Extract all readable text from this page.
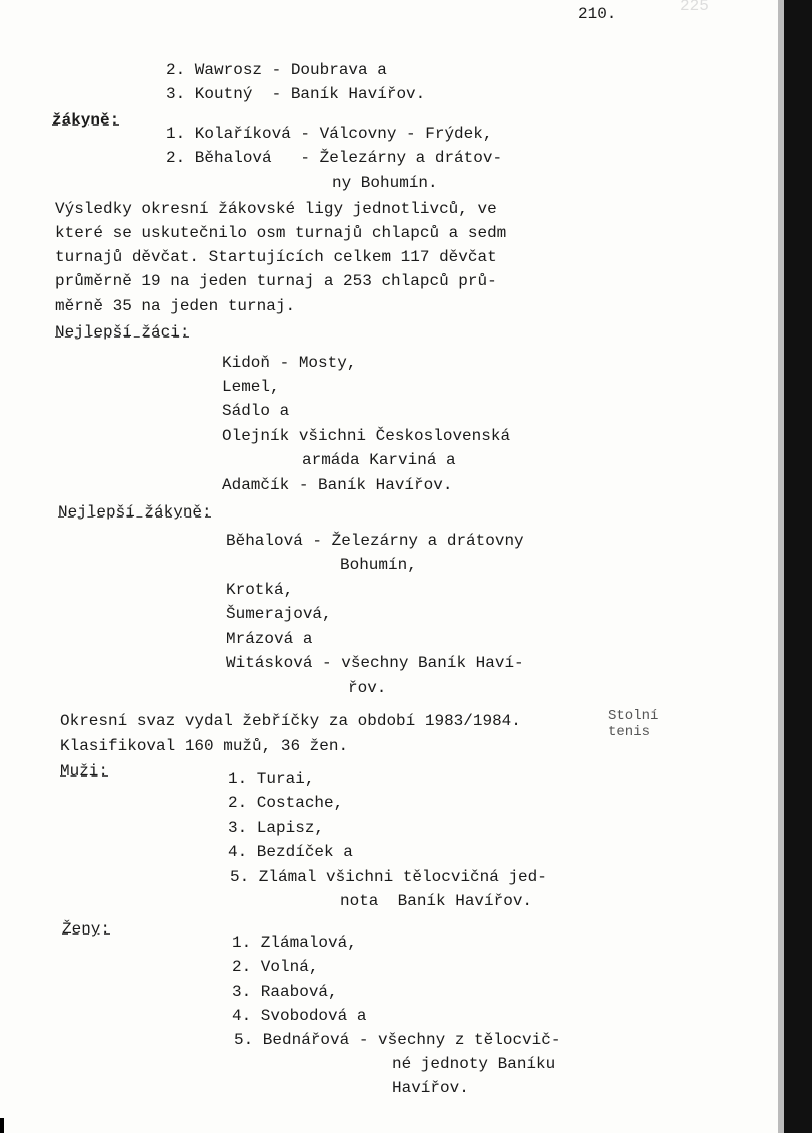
210.	225
2. Wawrosz - Doubrava a
3. Koutný  - Baník Havířov.
žákyně:
1. Kolaříková - Válcovny - Frýdek,
2. Běhalová   - Železárny a drátov-
ny Bohumín.
Výsledky okresní žákovské ligy jednotlivců, ve
které se uskutečnilo osm turnajů chlapců a sedm
turnajů děvčat. Startujících celkem 117 děvčat
průměrně 19 na jeden turnaj a 253 chlapců prů-
měrně 35 na jeden turnaj.
Nejlepší žáci:
Kidoň - Mosty,
Lemel,
Sádlo a
Olejník všichni Československá
armáda Karviná a
Adamčík - Baník Havířov.
Nejlepší žákyně:
Běhalová - Železárny a drátovny
Bohumín,
Krotká,
Šumerajová,
Mrázová a
Witásková - všechny Baník Haví-
řov.
Stolní
tenis
Okresní svaz vydal žebříčky za období 1983/1984.
Klasifikoval 160 mužů, 36 žen.
Muži:	1. Turai,
2. Costache,
3. Lapisz,
4. Bezdíček a
5. Zlámal všichni tělocvičná jed-
nota  Baník Havířov.
Ženy:
1. Zlámalová,
2. Volná,
3. Raabová,
4. Svobodová a
5. Bednářová - všechny z tělocvič-
né jednoty Baníku
Havířov.
